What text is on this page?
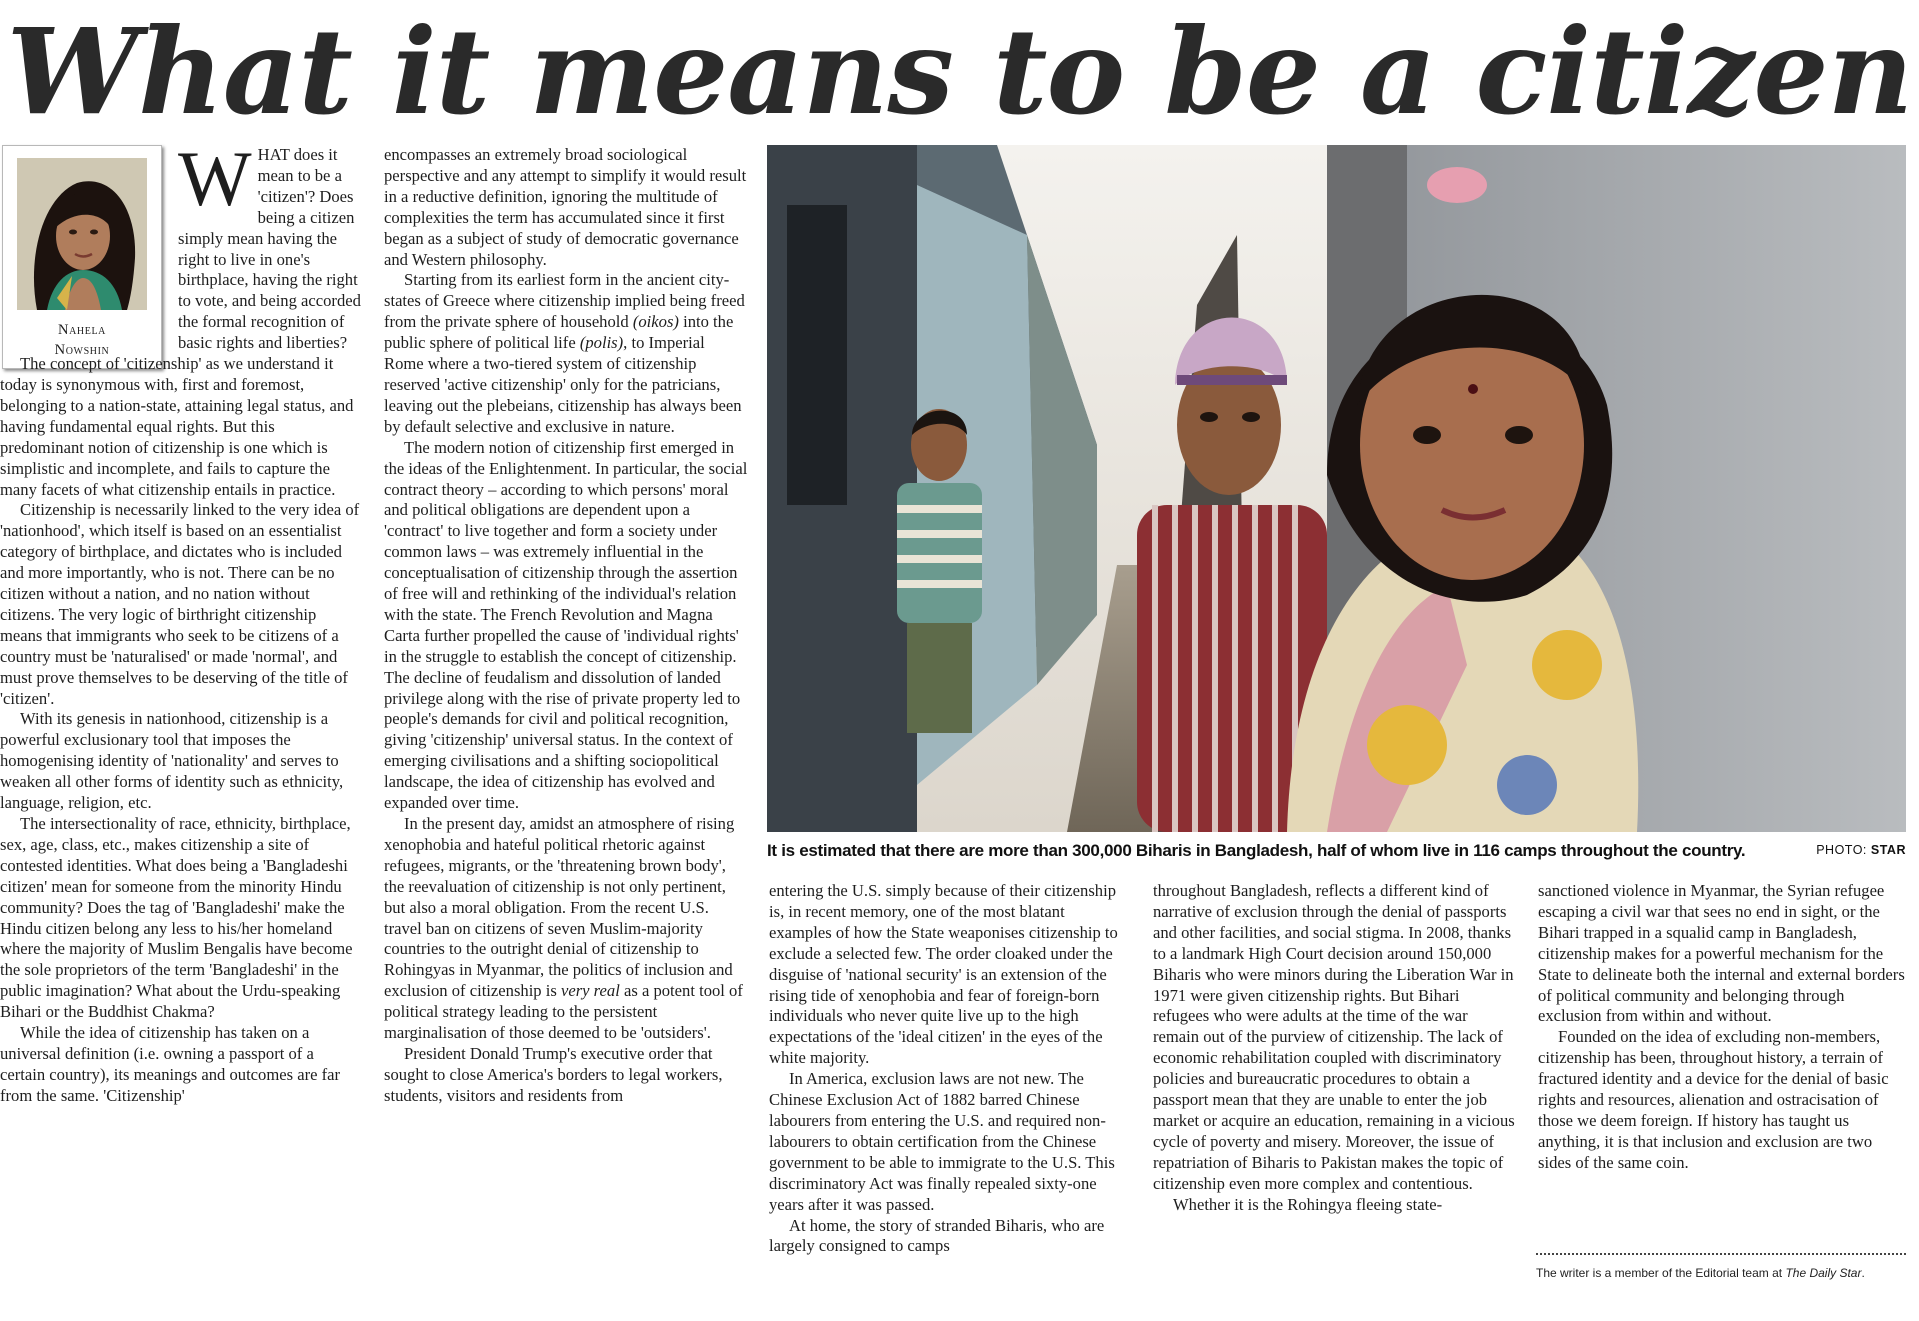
What it means to be a citizen
Nahela
Nowshin

WHAT does it mean to be a 'citizen'? Does being a citizen simply mean having the right to live in one's birthplace, having the right to vote, and being accorded the formal recognition of basic rights and liberties?

The concept of 'citizenship' as we understand it today is synonymous with, first and foremost, belonging to a nation-state, attaining legal status, and having fundamental equal rights. But this predominant notion of citizenship is one which is simplistic and incomplete, and fails to capture the many facets of what citizenship entails in practice.

Citizenship is necessarily linked to the very idea of 'nationhood', which itself is based on an essentialist category of birthplace, and dictates who is included and more importantly, who is not. There can be no citizen without a nation, and no nation without citizens. The very logic of birthright citizenship means that immigrants who seek to be citizens of a country must be 'naturalised' or made 'normal', and must prove themselves to be deserving of the title of 'citizen'.

With its genesis in nationhood, citizenship is a powerful exclusionary tool that imposes the homogenising identity of 'nationality' and serves to weaken all other forms of identity such as ethnicity, language, religion, etc.

The intersectionality of race, ethnicity, birthplace, sex, age, class, etc., makes citizenship a site of contested identities. What does being a 'Bangladeshi citizen' mean for someone from the minority Hindu community? Does the tag of 'Bangladeshi' make the Hindu citizen belong any less to his/her homeland where the majority of Muslim Bengalis have become the sole proprietors of the term 'Bangladeshi' in the public imagination? What about the Urdu-speaking Bihari or the Buddhist Chakma?

While the idea of citizenship has taken on a universal definition (i.e. owning a passport of a certain country), its meanings and outcomes are far from the same. 'Citizenship'

encompasses an extremely broad sociological perspective and any attempt to simplify it would result in a reductive definition, ignoring the multitude of complexities the term has accumulated since it first began as a subject of study of democratic governance and Western philosophy.

Starting from its earliest form in the ancient city-states of Greece where citizenship implied being freed from the private sphere of household (oikos) into the public sphere of political life (polis), to Imperial Rome where a two-tiered system of citizenship reserved 'active citizenship' only for the patricians, leaving out the plebeians, citizenship has always been by default selective and exclusive in nature.

The modern notion of citizenship first emerged in the ideas of the Enlightenment. In particular, the social contract theory – according to which persons' moral and political obligations are dependent upon a 'contract' to live together and form a society under common laws – was extremely influential in the conceptualisation of citizenship through the assertion of free will and rethinking of the individual's relation with the state. The French Revolution and Magna Carta further propelled the cause of 'individual rights' in the struggle to establish the concept of citizenship. The decline of feudalism and dissolution of landed privilege along with the rise of private property led to people's demands for civil and political recognition, giving 'citizenship' universal status. In the context of emerging civilisations and a shifting sociopolitical landscape, the idea of citizenship has evolved and expanded over time.

In the present day, amidst an atmosphere of rising xenophobia and hateful political rhetoric against refugees, migrants, or the 'threatening brown body', the reevaluation of citizenship is not only pertinent, but also a moral obligation. From the recent U.S. travel ban on citizens of seven Muslim-majority countries to the outright denial of citizenship to Rohingyas in Myanmar, the politics of inclusion and exclusion of citizenship is very real as a potent tool of political strategy leading to the persistent marginalisation of those deemed to be 'outsiders'.

President Donald Trump's executive order that sought to close America's borders to legal workers, students, visitors and residents from

It is estimated that there are more than 300,000 Biharis in Bangladesh, half of whom live in 116 camps throughout the country.	PHOTO: STAR

entering the U.S. simply because of their citizenship is, in recent memory, one of the most blatant examples of how the State weaponises citizenship to exclude a selected few. The order cloaked under the disguise of 'national security' is an extension of the rising tide of xenophobia and fear of foreign-born individuals who never quite live up to the high expectations of the 'ideal citizen' in the eyes of the white majority.

In America, exclusion laws are not new. The Chinese Exclusion Act of 1882 barred Chinese labourers from entering the U.S. and required non-labourers to obtain certification from the Chinese government to be able to immigrate to the U.S. This discriminatory Act was finally repealed sixty-one years after it was passed.

At home, the story of stranded Biharis, who are largely consigned to camps

throughout Bangladesh, reflects a different kind of narrative of exclusion through the denial of passports and other facilities, and social stigma. In 2008, thanks to a landmark High Court decision around 150,000 Biharis who were minors during the Liberation War in 1971 were given citizenship rights. But Bihari refugees who were adults at the time of the war remain out of the purview of citizenship. The lack of economic rehabilitation coupled with discriminatory policies and bureaucratic procedures to obtain a passport mean that they are unable to enter the job market or acquire an education, remaining in a vicious cycle of poverty and misery. Moreover, the issue of repatriation of Biharis to Pakistan makes the topic of citizenship even more complex and contentious.

Whether it is the Rohingya fleeing state-

sanctioned violence in Myanmar, the Syrian refugee escaping a civil war that sees no end in sight, or the Bihari trapped in a squalid camp in Bangladesh, citizenship makes for a powerful mechanism for the State to delineate both the internal and external borders of political community and belonging through exclusion from within and without.

Founded on the idea of excluding non-members, citizenship has been, throughout history, a terrain of fractured identity and a device for the denial of basic rights and resources, alienation and ostracisation of those we deem foreign. If history has taught us anything, it is that inclusion and exclusion are two sides of the same coin.

The writer is a member of the Editorial team at The Daily Star.
